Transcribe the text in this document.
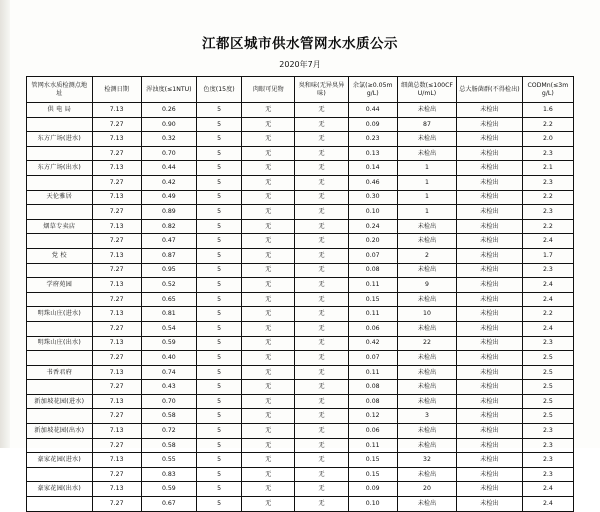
江都区城市供水管网水水质公示
2020年7月
管网水水质检测点地址	检测日期	浑浊度(≤1NTU)	色度(15度)	肉眼可见物	臭和味(无异臭异味)	余氯(≥0.05mg/L)	细菌总数(≤100CFU/mL)	总大肠菌群(不得检出)	CODMn(≤3mg/L)
供 电 局	7.13	0.26	5	无	无	0.44	未检出	未检出	1.6
	7.27	0.90	5	无	无	0.09	87	未检出	2.2
东方广场(进水)	7.13	0.32	5	无	无	0.23	未检出	未检出	2.0
	7.27	0.70	5	无	无	0.13	未检出	未检出	2.3
东方广场(出水)	7.13	0.44	5	无	无	0.14	1	未检出	2.1
	7.27	0.42	5	无	无	0.46	1	未检出	2.3
天伦雅居	7.13	0.49	5	无	无	0.30	1	未检出	2.2
	7.27	0.89	5	无	无	0.10	1	未检出	2.3
烟草专卖店	7.13	0.82	5	无	无	0.24	未检出	未检出	2.2
	7.27	0.47	5	无	无	0.20	未检出	未检出	2.4
党 校	7.13	0.87	5	无	无	0.07	2	未检出	1.7
	7.27	0.95	5	无	无	0.08	未检出	未检出	2.3
学府苑园	7.13	0.52	5	无	无	0.11	9	未检出	2.4
	7.27	0.65	5	无	无	0.15	未检出	未检出	2.4
明珠山庄(进水)	7.13	0.81	5	无	无	0.11	10	未检出	2.2
	7.27	0.54	5	无	无	0.06	未检出	未检出	2.4
明珠山庄(出水)	7.13	0.59	5	无	无	0.42	22	未检出	2.3
	7.27	0.40	5	无	无	0.07	未检出	未检出	2.5
书香君府	7.13	0.74	5	无	无	0.11	未检出	未检出	2.5
	7.27	0.43	5	无	无	0.08	未检出	未检出	2.5
新加坡花园(进水)	7.13	0.70	5	无	无	0.08	未检出	未检出	2.5
	7.27	0.58	5	无	无	0.12	3	未检出	2.5
新加坡花园(出水)	7.13	0.72	5	无	无	0.06	未检出	未检出	2.3
	7.27	0.58	5	无	无	0.11	未检出	未检出	2.3
豪家花园(进水)	7.13	0.55	5	无	无	0.15	32	未检出	2.3
	7.27	0.83	5	无	无	0.15	未检出	未检出	2.3
豪家花园(出水)	7.13	0.59	5	无	无	0.09	20	未检出	2.4
	7.27	0.67	5	无	无	0.10	未检出	未检出	2.4
